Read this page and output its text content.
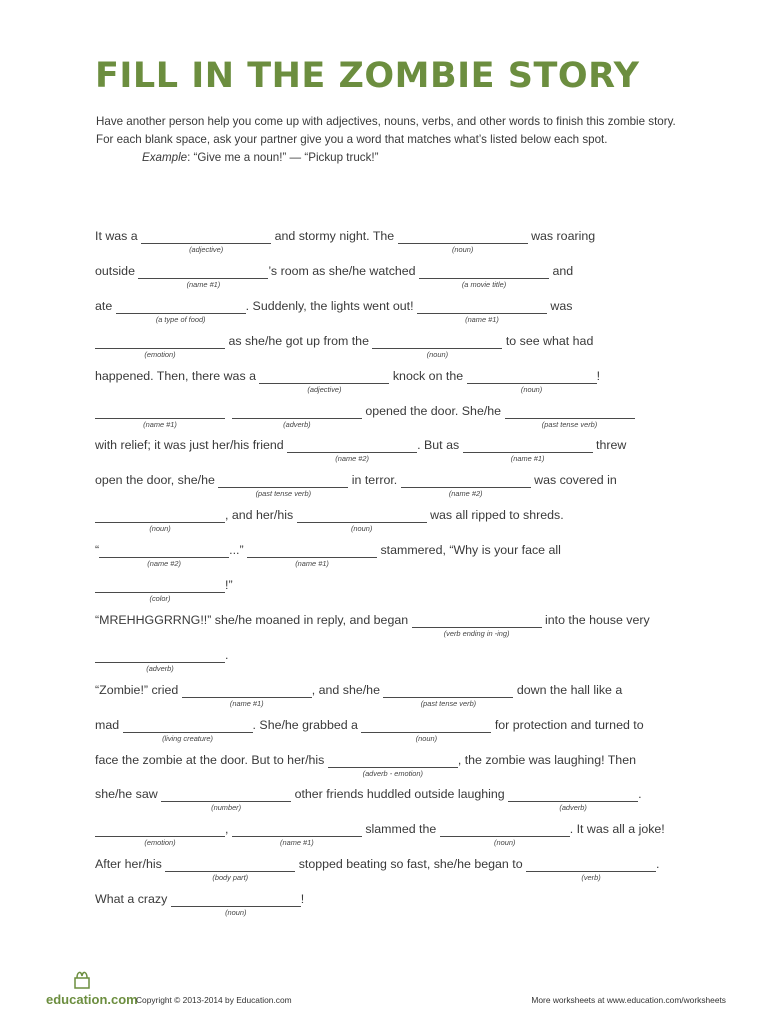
FILL IN THE ZOMBIE STORY

Have another person help you come up with adjectives, nouns, verbs, and other words to finish this zombie story.

For each blank space, ask your partner give you a word that matches what’s listed below each spot.

Example: “Give me a noun!” — “Pickup truck!”

It was a
(adjective)
and stormy night. The
(noun)
was roaring
outside
(name #1)
’s room as she/he watched
(a movie title)
and
ate
(a type of food)
. Suddenly, the lights went out!
(name #1)
was
(emotion)
as she/he got up from the
(noun)
to see what had
happened. Then, there was a
(adjective)
knock on the
(noun)
!
(name #1)
	(adverb)
opened the door. She/he
(past tense verb)
with relief; it was just her/his friend
(name #2)
. But as
(name #1)
threw
open the door, she/he
(past tense verb)
in terror.
(name #2)
was covered in
(noun)
, and her/his
(noun)
was all ripped to shreds.
“
(name #2)
...”
(name #1)
stammered, “Why is your face all
(color)
!”
“MREHHGGRRNG!!” she/he moaned in reply, and began
(verb ending in -ing)
into the house very
(adverb)
.
“Zombie!” cried
(name #1)
, and she/he
(past tense verb)
down the hall like a
mad
(living creature)
. She/he grabbed a
(noun)
for protection and turned to
face the zombie at the door. But to her/his
(adverb - emotion)
, the zombie was laughing! Then
she/he saw
(number)
other friends huddled outside laughing
(adverb)
.
(emotion)
,
(name #1)
slammed the
(noun)
. It was all a joke!
After her/his
(body part)
stopped beating so fast, she/he began to
(verb)
.
What a crazy
(noun)
!
education.com
Copyright © 2013-2014 by Education.com	More worksheets at www.education.com/worksheets
